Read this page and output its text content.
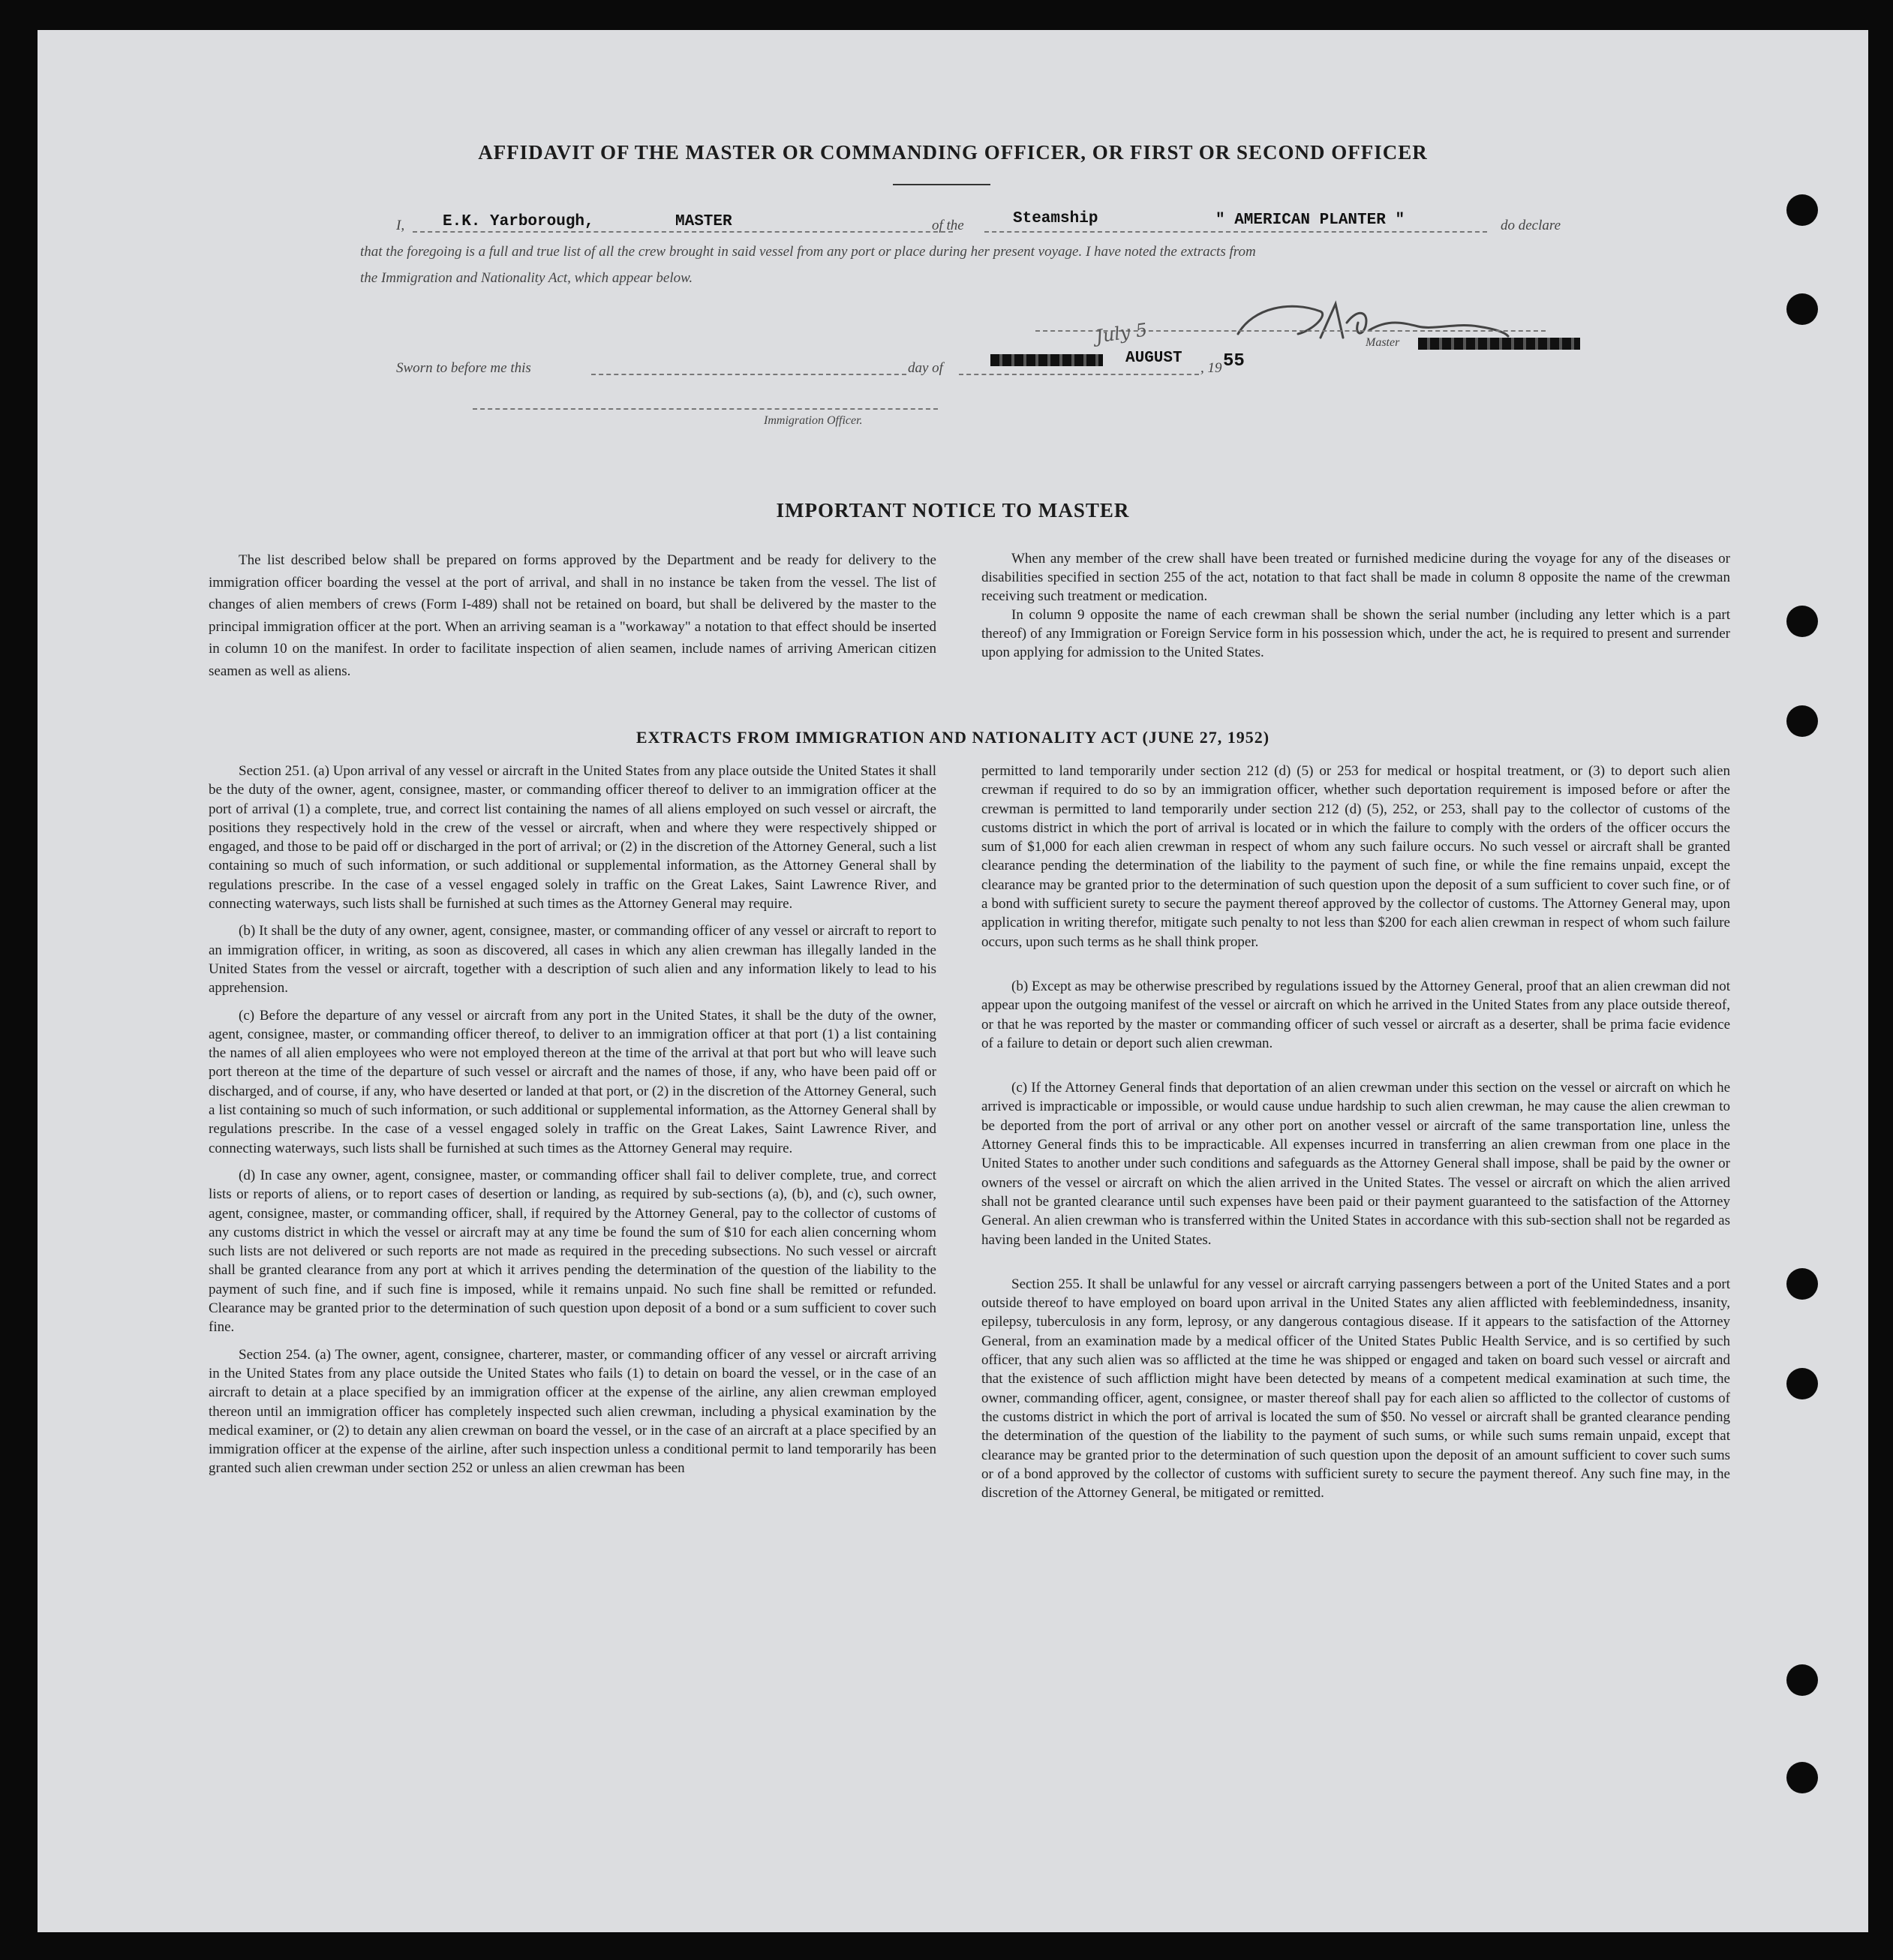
AFFIDAVIT OF THE MASTER OR COMMANDING OFFICER, OR FIRST OR SECOND OFFICER
I, E.K. Yarborough,	MASTER	of the	Steamship	" AMERICAN PLANTER "	do declare
that the foregoing is a full and true list of all the crew brought in said vessel from any port or place during her present voyage. I have noted the extracts from
the Immigration and Nationality Act, which appear below.
Master
Sworn to before me this	day of
AUGUST
July 5
, 19 55
Immigration Officer.
IMPORTANT NOTICE TO MASTER

The list described below shall be prepared on forms approved by the Department and be ready for delivery to the immigration officer boarding the vessel at the port of arrival, and shall in no instance be taken from the vessel. The list of changes of alien members of crews (Form I-489) shall not be retained on board, but shall be delivered by the master to the principal immigration officer at the port. When an arriving seaman is a "workaway" a notation to that effect should be inserted in column 10 on the manifest. In order to facilitate inspection of alien seamen, include names of arriving American citizen seamen as well as aliens.

When any member of the crew shall have been treated or furnished medicine during the voyage for any of the diseases or disabilities specified in section 255 of the act, notation to that fact shall be made in column 8 opposite the name of the crewman receiving such treatment or medication.

In column 9 opposite the name of each crewman shall be shown the serial number (including any letter which is a part thereof) of any Immigration or Foreign Service form in his possession which, under the act, he is required to present and surrender upon applying for admission to the United States.

EXTRACTS FROM IMMIGRATION AND NATIONALITY ACT (JUNE 27, 1952)

Section 251. (a) Upon arrival of any vessel or aircraft in the United States from any place outside the United States it shall be the duty of the owner, agent, consignee, master, or commanding officer thereof to deliver to an immigration officer at the port of arrival (1) a complete, true, and correct list containing the names of all aliens employed on such vessel or aircraft, the positions they respectively hold in the crew of the vessel or aircraft, when and where they were respectively shipped or engaged, and those to be paid off or discharged in the port of arrival; or (2) in the discretion of the Attorney General, such a list containing so much of such information, or such additional or supplemental information, as the Attorney General shall by regulations prescribe. In the case of a vessel engaged solely in traffic on the Great Lakes, Saint Lawrence River, and connecting waterways, such lists shall be furnished at such times as the Attorney General may require.

(b) It shall be the duty of any owner, agent, consignee, master, or commanding officer of any vessel or aircraft to report to an immigration officer, in writing, as soon as discovered, all cases in which any alien crewman has illegally landed in the United States from the vessel or aircraft, together with a description of such alien and any information likely to lead to his apprehension.

(c) Before the departure of any vessel or aircraft from any port in the United States, it shall be the duty of the owner, agent, consignee, master, or commanding officer thereof, to deliver to an immigration officer at that port (1) a list containing the names of all alien employees who were not employed thereon at the time of the arrival at that port but who will leave such port thereon at the time of the departure of such vessel or aircraft and the names of those, if any, who have been paid off or discharged, and of course, if any, who have deserted or landed at that port, or (2) in the discretion of the Attorney General, such a list containing so much of such information, or such additional or supplemental information, as the Attorney General shall by regulations prescribe. In the case of a vessel engaged solely in traffic on the Great Lakes, Saint Lawrence River, and connecting waterways, such lists shall be furnished at such times as the Attorney General may require.

(d) In case any owner, agent, consignee, master, or commanding officer shall fail to deliver complete, true, and correct lists or reports of aliens, or to report cases of desertion or landing, as required by sub-sections (a), (b), and (c), such owner, agent, consignee, master, or commanding officer, shall, if required by the Attorney General, pay to the collector of customs of any customs district in which the vessel or aircraft may at any time be found the sum of $10 for each alien concerning whom such lists are not delivered or such reports are not made as required in the preceding subsections. No such vessel or aircraft shall be granted clearance from any port at which it arrives pending the determination of the question of the liability to the payment of such fine, and if such fine is imposed, while it remains unpaid. No such fine shall be remitted or refunded. Clearance may be granted prior to the determination of such question upon deposit of a bond or a sum sufficient to cover such fine.

Section 254. (a) The owner, agent, consignee, charterer, master, or commanding officer of any vessel or aircraft arriving in the United States from any place outside the United States who fails (1) to detain on board the vessel, or in the case of an aircraft to detain at a place specified by an immigration officer at the expense of the airline, any alien crewman employed thereon until an immigration officer has completely inspected such alien crewman, including a physical examination by the medical examiner, or (2) to detain any alien crewman on board the vessel, or in the case of an aircraft at a place specified by an immigration officer at the expense of the airline, after such inspection unless a conditional permit to land temporarily has been granted such alien crewman under section 252 or unless an alien crewman has been

permitted to land temporarily under section 212 (d) (5) or 253 for medical or hospital treatment, or (3) to deport such alien crewman if required to do so by an immigration officer, whether such deportation requirement is imposed before or after the crewman is permitted to land temporarily under section 212 (d) (5), 252, or 253, shall pay to the collector of customs of the customs district in which the port of arrival is located or in which the failure to comply with the orders of the officer occurs the sum of $1,000 for each alien crewman in respect of whom any such failure occurs. No such vessel or aircraft shall be granted clearance pending the determination of the liability to the payment of such fine, or while the fine remains unpaid, except the clearance may be granted prior to the determination of such question upon the deposit of a sum sufficient to cover such fine, or of a bond with sufficient surety to secure the payment thereof approved by the collector of customs. The Attorney General may, upon application in writing therefor, mitigate such penalty to not less than $200 for each alien crewman in respect of whom such failure occurs, upon such terms as he shall think proper.

(b) Except as may be otherwise prescribed by regulations issued by the Attorney General, proof that an alien crewman did not appear upon the outgoing manifest of the vessel or aircraft on which he arrived in the United States from any place outside thereof, or that he was reported by the master or commanding officer of such vessel or aircraft as a deserter, shall be prima facie evidence of a failure to detain or deport such alien crewman.

(c) If the Attorney General finds that deportation of an alien crewman under this section on the vessel or aircraft on which he arrived is impracticable or impossible, or would cause undue hardship to such alien crewman, he may cause the alien crewman to be deported from the port of arrival or any other port on another vessel or aircraft of the same transportation line, unless the Attorney General finds this to be impracticable. All expenses incurred in transferring an alien crewman from one place in the United States to another under such conditions and safeguards as the Attorney General shall impose, shall be paid by the owner or owners of the vessel or aircraft on which the alien arrived in the United States. The vessel or aircraft on which the alien arrived shall not be granted clearance until such expenses have been paid or their payment guaranteed to the satisfaction of the Attorney General. An alien crewman who is transferred within the United States in accordance with this sub-section shall not be regarded as having been landed in the United States.

Section 255. It shall be unlawful for any vessel or aircraft carrying passengers between a port of the United States and a port outside thereof to have employed on board upon arrival in the United States any alien afflicted with feeblemindedness, insanity, epilepsy, tuberculosis in any form, leprosy, or any dangerous contagious disease. If it appears to the satisfaction of the Attorney General, from an examination made by a medical officer of the United States Public Health Service, and is so certified by such officer, that any such alien was so afflicted at the time he was shipped or engaged and taken on board such vessel or aircraft and that the existence of such affliction might have been detected by means of a competent medical examination at such time, the owner, commanding officer, agent, consignee, or master thereof shall pay for each alien so afflicted to the collector of customs of the customs district in which the port of arrival is located the sum of $50. No vessel or aircraft shall be granted clearance pending the determination of the question of the liability to the payment of such sums, or while such sums remain unpaid, except that clearance may be granted prior to the determination of such question upon the deposit of an amount sufficient to cover such sums or of a bond approved by the collector of customs with sufficient surety to secure the payment thereof. Any such fine may, in the discretion of the Attorney General, be mitigated or remitted.
